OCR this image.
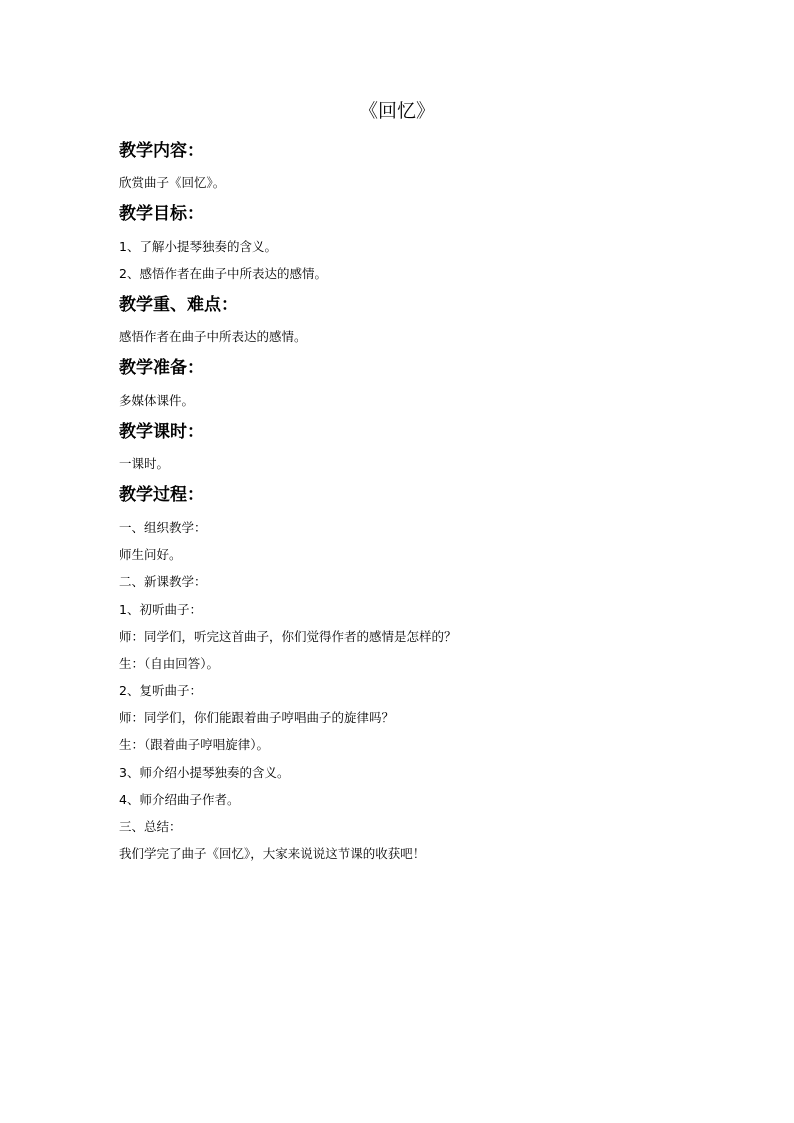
《回忆》
教学内容：
欣赏曲子《回忆》。
教学目标：
1、了解小提琴独奏的含义。
2、感悟作者在曲子中所表达的感情。
教学重、难点：
感悟作者在曲子中所表达的感情。
教学准备：
多媒体课件。
教学课时：
一课时。
教学过程：
一、组织教学：
师生问好。
二、新课教学：
1、初听曲子：
师：同学们，听完这首曲子，你们觉得作者的感情是怎样的？
生：（自由回答）。
2、复听曲子：
师：同学们，你们能跟着曲子哼唱曲子的旋律吗？
生：（跟着曲子哼唱旋律）。
3、师介绍小提琴独奏的含义。
4、师介绍曲子作者。
三、总结：
我们学完了曲子《回忆》，大家来说说这节课的收获吧！
